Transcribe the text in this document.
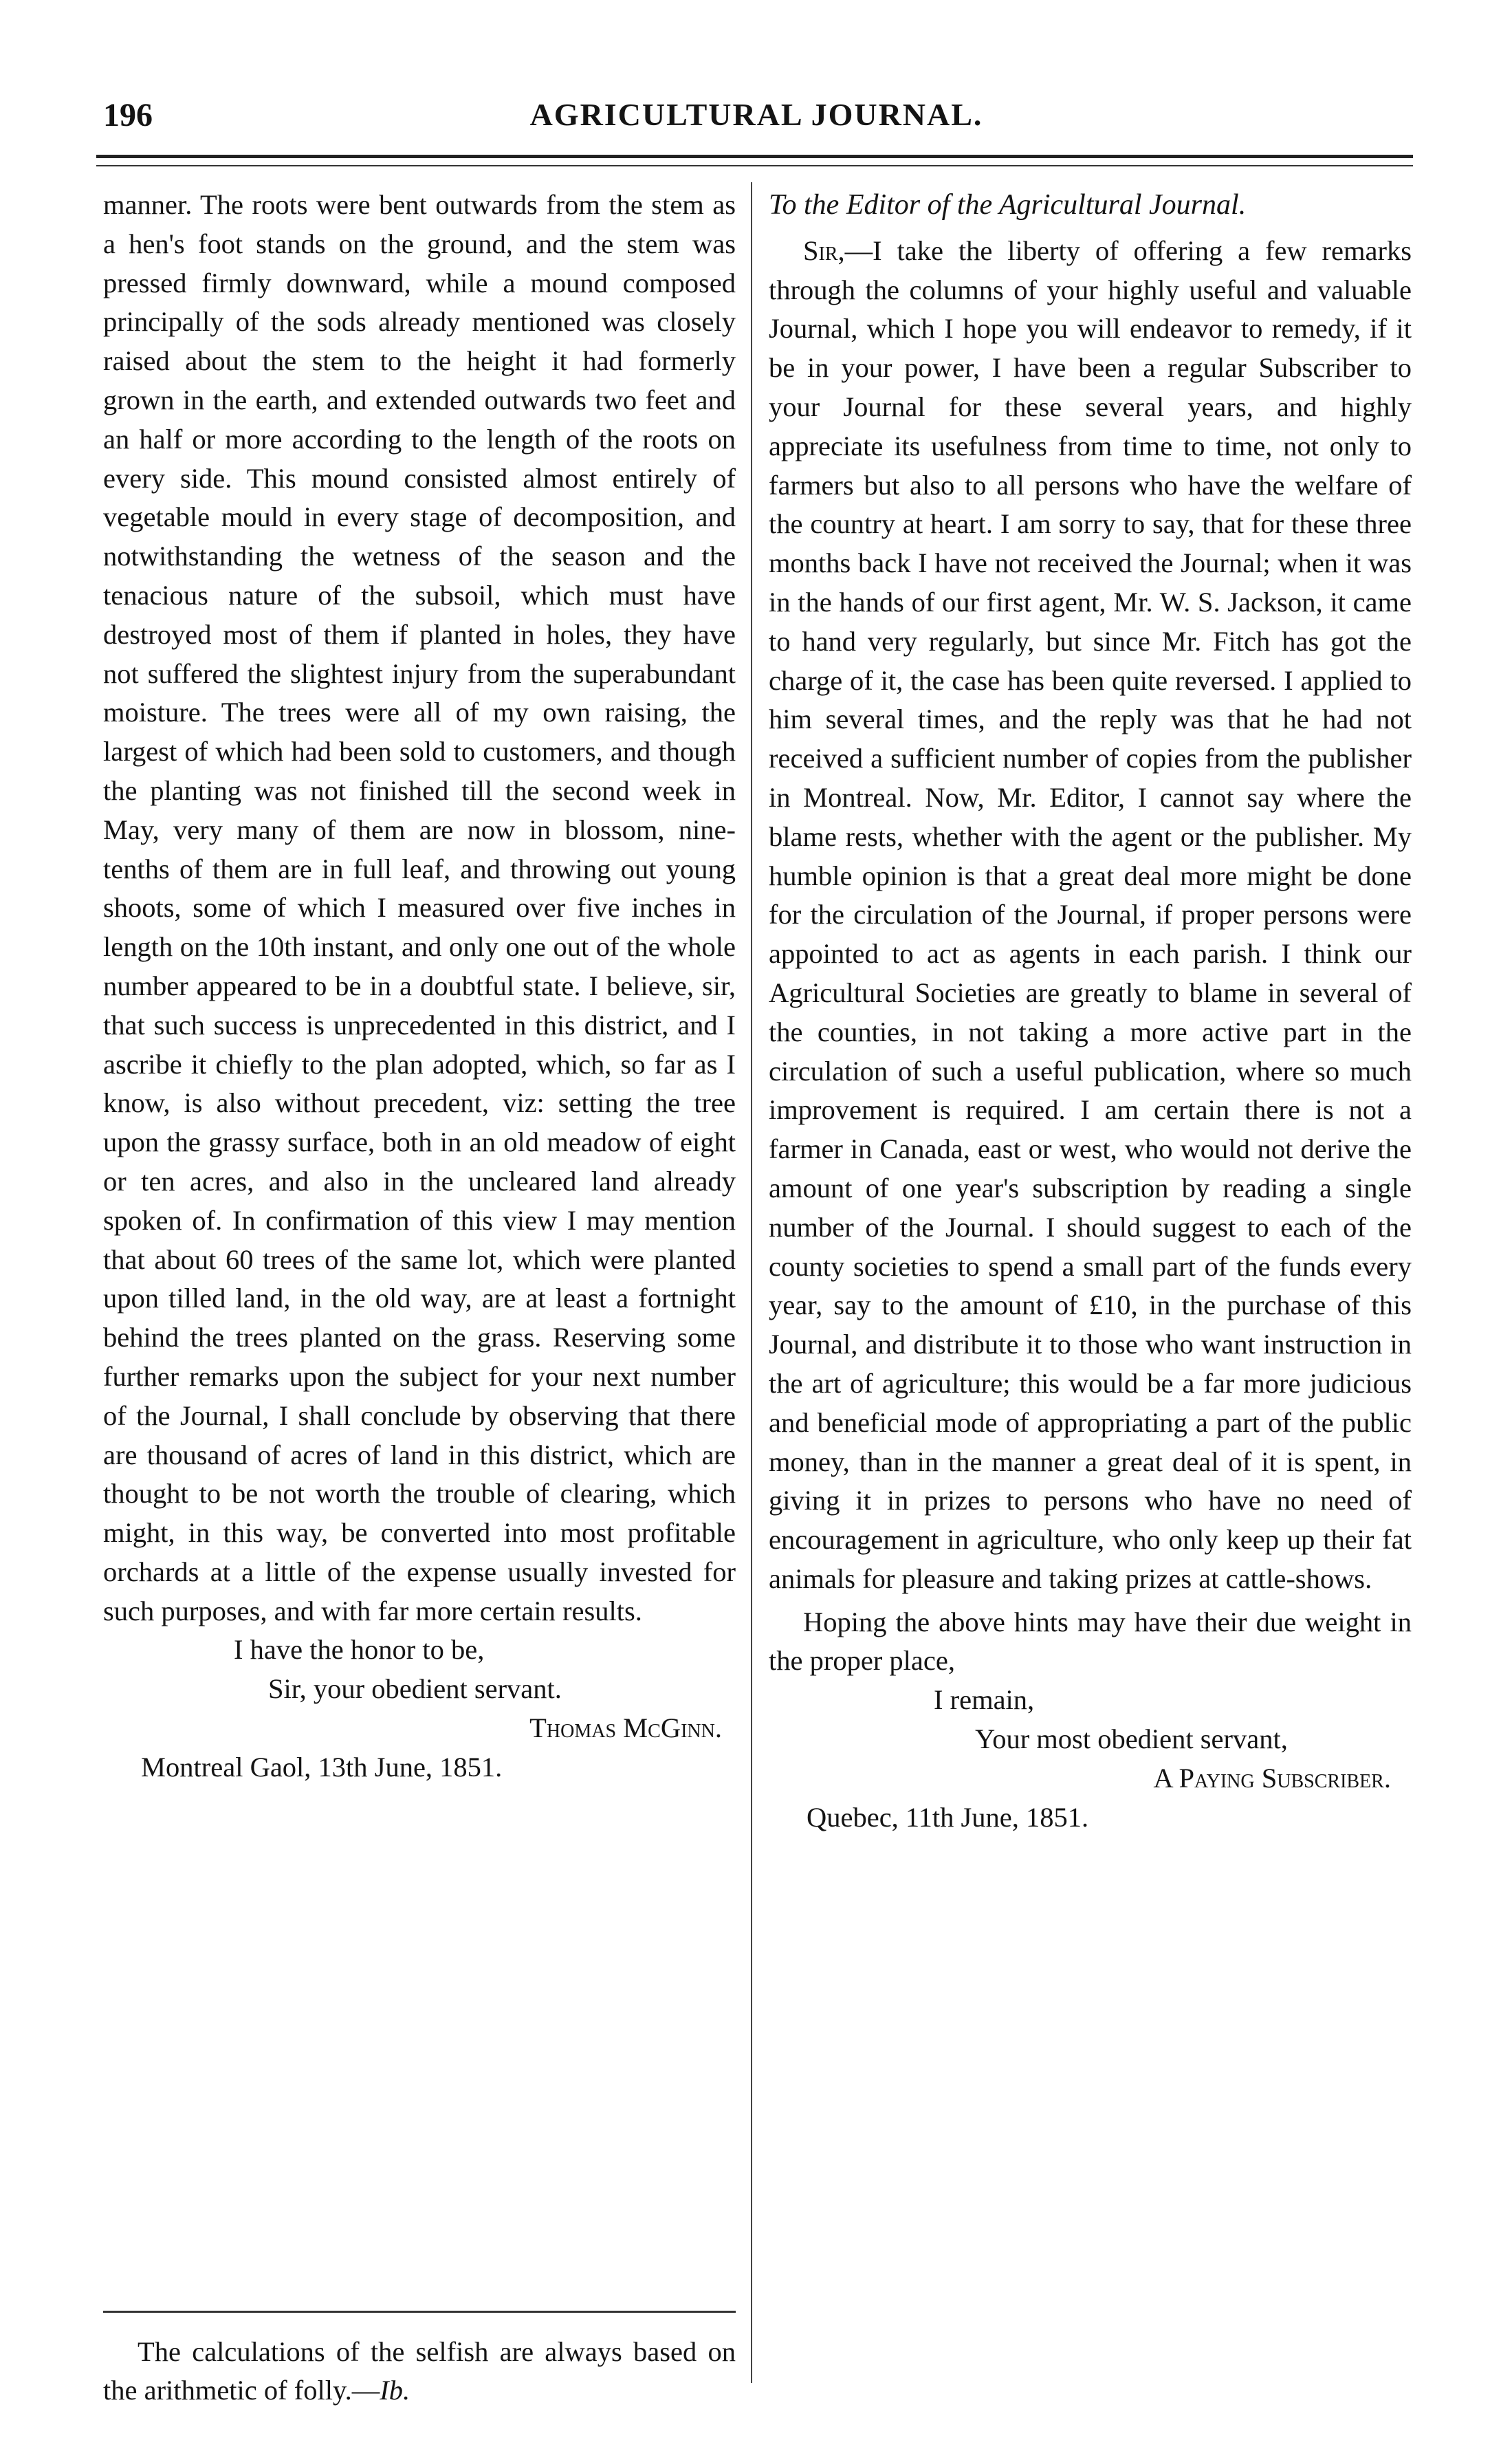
AGRICULTURAL JOURNAL.
196

manner. The roots were bent outwards from the stem as a hen's foot stands on the ground, and the stem was pressed firmly downward, while a mound composed principally of the sods already mentioned was closely raised about the stem to the height it had formerly grown in the earth, and extended outwards two feet and an half or more according to the length of the roots on every side. This mound consisted almost entirely of vegetable mould in every stage of decomposition, and notwithstanding the wetness of the season and the tenacious nature of the subsoil, which must have destroyed most of them if planted in holes, they have not suffered the slightest injury from the superabundant moisture. The trees were all of my own raising, the largest of which had been sold to customers, and though the planting was not finished till the second week in May, very many of them are now in blossom, nine-tenths of them are in full leaf, and throwing out young shoots, some of which I measured over five inches in length on the 10th instant, and only one out of the whole number appeared to be in a doubtful state. I believe, sir, that such success is unprecedented in this district, and I ascribe it chiefly to the plan adopted, which, so far as I know, is also without precedent, viz: setting the tree upon the grassy surface, both in an old meadow of eight or ten acres, and also in the uncleared land already spoken of. In confirmation of this view I may mention that about 60 trees of the same lot, which were planted upon tilled land, in the old way, are at least a fortnight behind the trees planted on the grass. Reserving some further remarks upon the subject for your next number of the Journal, I shall conclude by observing that there are thousand of acres of land in this district, which are thought to be not worth the trouble of clearing, which might, in this way, be converted into most profitable orchards at a little of the expense usually invested for such purposes, and with far more certain results.

I have the honor to be,

Sir, your obedient servant.

Thomas McGinn.

Montreal Gaol, 13th June, 1851.

The calculations of the selfish are always based on the arithmetic of folly.—Ib.

To the Editor of the Agricultural Journal.

Sir,—I take the liberty of offering a few remarks through the columns of your highly useful and valuable Journal, which I hope you will endeavor to remedy, if it be in your power, I have been a regular Subscriber to your Journal for these several years, and highly appreciate its usefulness from time to time, not only to farmers but also to all persons who have the welfare of the country at heart. I am sorry to say, that for these three months back I have not received the Journal; when it was in the hands of our first agent, Mr. W. S. Jackson, it came to hand very regularly, but since Mr. Fitch has got the charge of it, the case has been quite reversed. I applied to him several times, and the reply was that he had not received a sufficient number of copies from the publisher in Montreal. Now, Mr. Editor, I cannot say where the blame rests, whether with the agent or the publisher. My humble opinion is that a great deal more might be done for the circulation of the Journal, if proper persons were appointed to act as agents in each parish. I think our Agricultural Societies are greatly to blame in several of the counties, in not taking a more active part in the circulation of such a useful publication, where so much improvement is required. I am certain there is not a farmer in Canada, east or west, who would not derive the amount of one year's subscription by reading a single number of the Journal. I should suggest to each of the county societies to spend a small part of the funds every year, say to the amount of £10, in the purchase of this Journal, and distribute it to those who want instruction in the art of agriculture; this would be a far more judicious and beneficial mode of appropriating a part of the public money, than in the manner a great deal of it is spent, in giving it in prizes to persons who have no need of encouragement in agriculture, who only keep up their fat animals for pleasure and taking prizes at cattle-shows.

Hoping the above hints may have their due weight in the proper place,

I remain,

Your most obedient servant,

A Paying Subscriber.

Quebec, 11th June, 1851.
